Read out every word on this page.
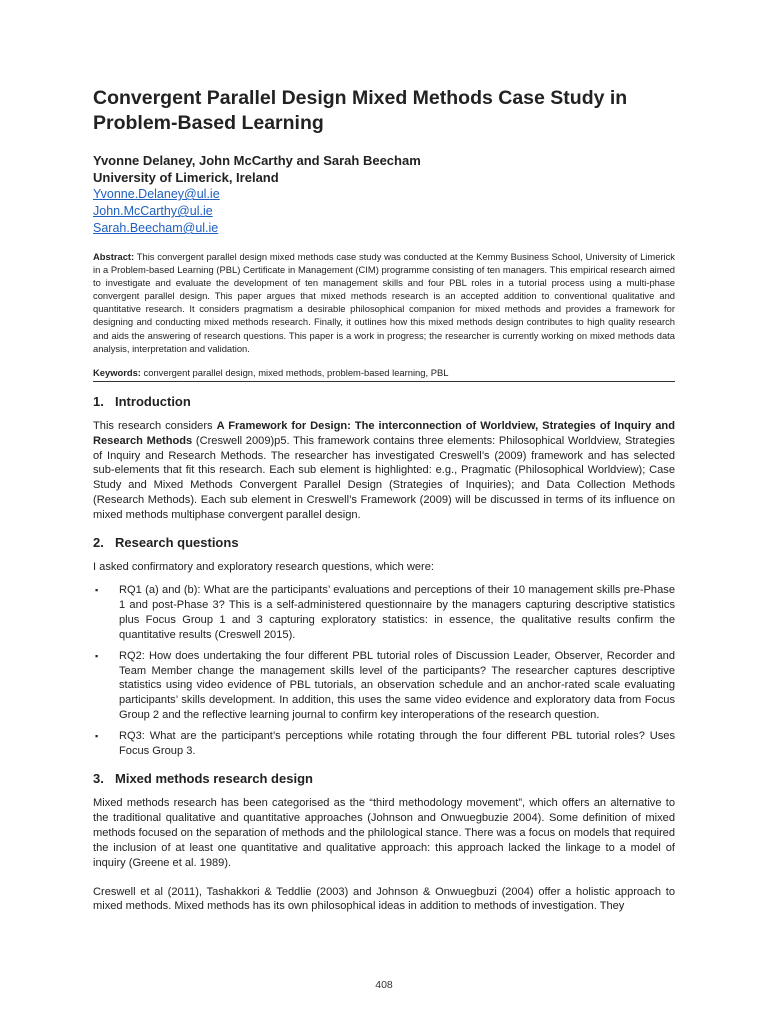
Convergent Parallel Design Mixed Methods Case Study in Problem-Based Learning
Yvonne Delaney, John McCarthy and Sarah Beecham
University of Limerick, Ireland
Yvonne.Delaney@ul.ie
John.McCarthy@ul.ie
Sarah.Beecham@ul.ie
Abstract: This convergent parallel design mixed methods case study was conducted at the Kemmy Business School, University of Limerick in a Problem-based Learning (PBL) Certificate in Management (CIM) programme consisting of ten managers. This empirical research aimed to investigate and evaluate the development of ten management skills and four PBL roles in a tutorial process using a multi-phase convergent parallel design. This paper argues that mixed methods research is an accepted addition to conventional qualitative and quantitative research. It considers pragmatism a desirable philosophical companion for mixed methods and provides a framework for designing and conducting mixed methods research. Finally, it outlines how this mixed methods design contributes to high quality research and aids the answering of research questions. This paper is a work in progress; the researcher is currently working on mixed methods data analysis, interpretation and validation.
Keywords: convergent parallel design, mixed methods, problem-based learning, PBL
1. Introduction

This research considers A Framework for Design: The interconnection of Worldview, Strategies of Inquiry and Research Methods (Creswell 2009)p5. This framework contains three elements: Philosophical Worldview, Strategies of Inquiry and Research Methods. The researcher has investigated Creswell’s (2009) framework and has selected sub-elements that fit this research. Each sub element is highlighted: e.g., Pragmatic (Philosophical Worldview); Case Study and Mixed Methods Convergent Parallel Design (Strategies of Inquiries); and Data Collection Methods (Research Methods). Each sub element in Creswell’s Framework (2009) will be discussed in terms of its influence on mixed methods multiphase convergent parallel design.

2. Research questions

I asked confirmatory and exploratory research questions, which were:

▪ RQ1 (a) and (b): What are the participants’ evaluations and perceptions of their 10 management skills pre-Phase 1 and post-Phase 3? This is a self-administered questionnaire by the managers capturing descriptive statistics plus Focus Group 1 and 3 capturing exploratory statistics: in essence, the qualitative results confirm the quantitative results (Creswell 2015).
▪ RQ2: How does undertaking the four different PBL tutorial roles of Discussion Leader, Observer, Recorder and Team Member change the management skills level of the participants? The researcher captures descriptive statistics using video evidence of PBL tutorials, an observation schedule and an anchor-rated scale evaluating participants’ skills development. In addition, this uses the same video evidence and exploratory data from Focus Group 2 and the reflective learning journal to confirm key interoperations of the research question.
▪ RQ3: What are the participant’s perceptions while rotating through the four different PBL tutorial roles? Uses Focus Group 3.
3. Mixed methods research design

Mixed methods research has been categorised as the “third methodology movement”, which offers an alternative to the traditional qualitative and quantitative approaches (Johnson and Onwuegbuzie 2004). Some definition of mixed methods focused on the separation of methods and the philological stance. There was a focus on models that required the inclusion of at least one quantitative and qualitative approach: this approach lacked the linkage to a model of inquiry (Greene et al. 1989).

Creswell et al (2011), Tashakkori & Teddlie (2003) and Johnson & Onwuegbuzi (2004) offer a holistic approach to mixed methods. Mixed methods has its own philosophical ideas in addition to methods of investigation. They

408
